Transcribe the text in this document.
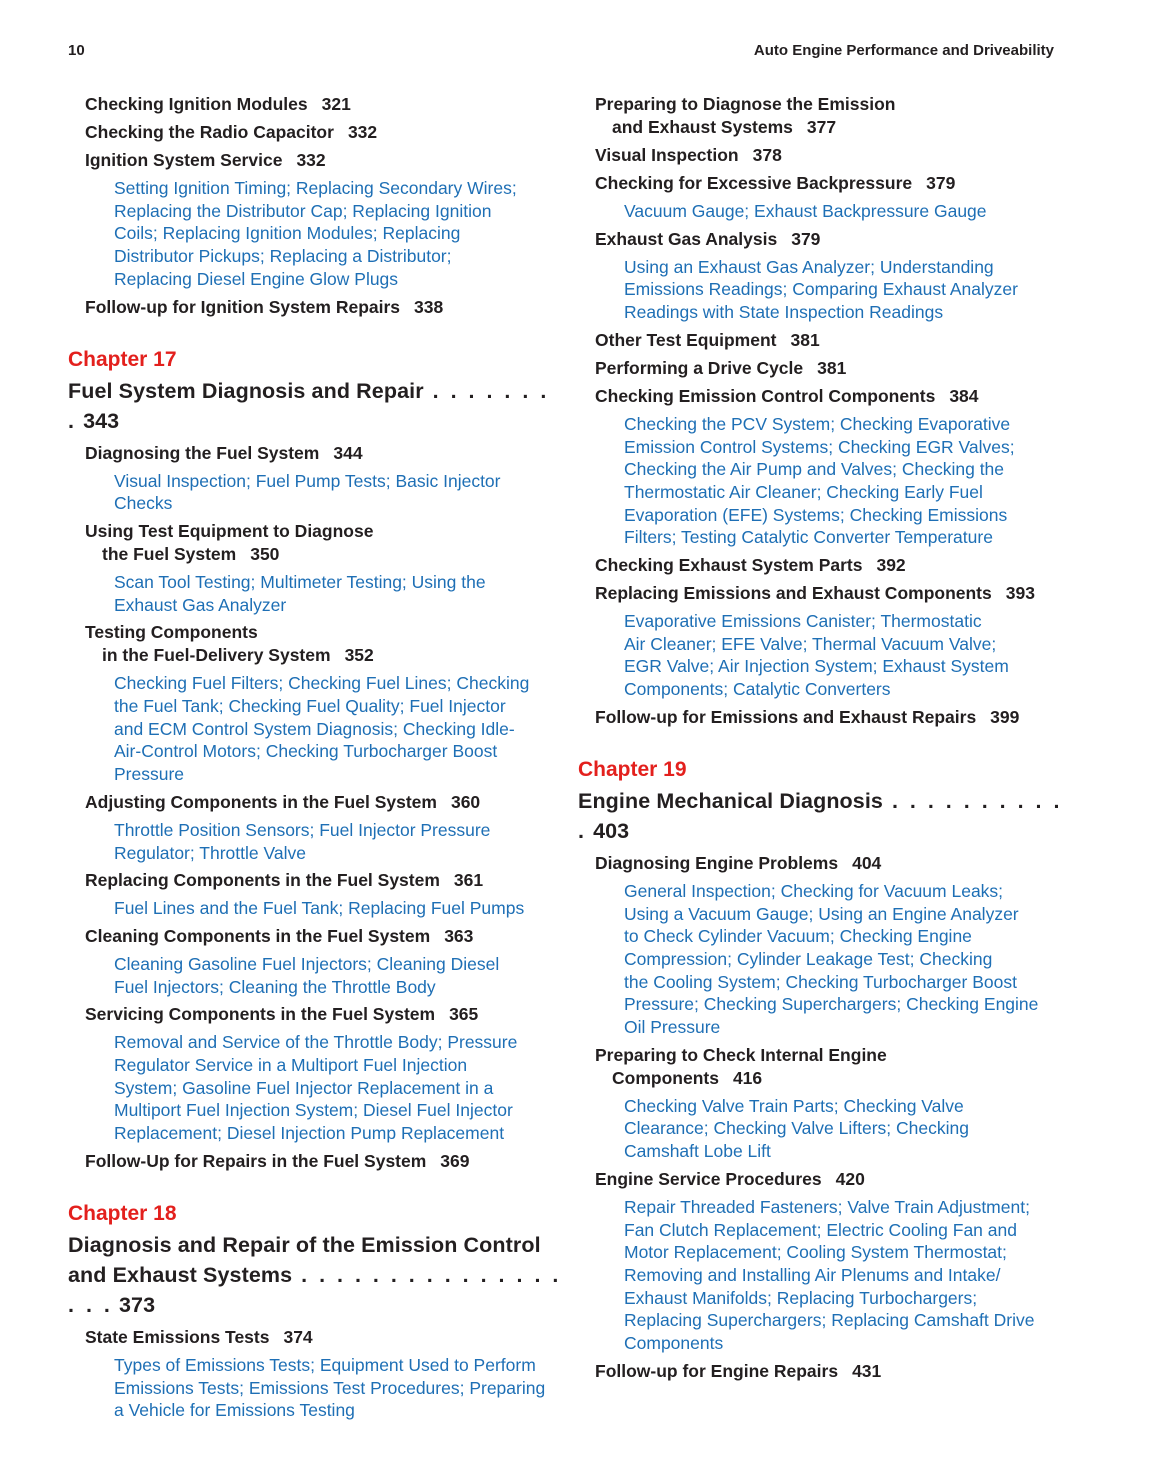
10	Auto Engine Performance and Driveability
Checking Ignition Modules 321
Checking the Radio Capacitor 332
Ignition System Service 332
Setting Ignition Timing; Replacing Secondary Wires;
Replacing the Distributor Cap; Replacing Ignition
Coils; Replacing Ignition Modules; Replacing
Distributor Pickups; Replacing a Distributor;
Replacing Diesel Engine Glow Plugs
Follow-up for Ignition System Repairs 338
Chapter 17
Fuel System Diagnosis and Repair . . . . . . . . 343
Diagnosing the Fuel System 344
Visual Inspection; Fuel Pump Tests; Basic Injector
Checks
Using Test Equipment to Diagnose
the Fuel System 350
Scan Tool Testing; Multimeter Testing; Using the
Exhaust Gas Analyzer
Testing Components
in the Fuel-Delivery System 352
Checking Fuel Filters; Checking Fuel Lines; Checking
the Fuel Tank; Checking Fuel Quality; Fuel Injector
and ECM Control System Diagnosis; Checking Idle-
Air-Control Motors; Checking Turbocharger Boost
Pressure
Adjusting Components in the Fuel System 360
Throttle Position Sensors; Fuel Injector Pressure
Regulator; Throttle Valve
Replacing Components in the Fuel System 361
Fuel Lines and the Fuel Tank; Replacing Fuel Pumps
Cleaning Components in the Fuel System 363
Cleaning Gasoline Fuel Injectors; Cleaning Diesel
Fuel Injectors; Cleaning the Throttle Body
Servicing Components in the Fuel System 365
Removal and Service of the Throttle Body; Pressure
Regulator Service in a Multiport Fuel Injection
System; Gasoline Fuel Injector Replacement in a
Multiport Fuel Injection System; Diesel Fuel Injector
Replacement; Diesel Injection Pump Replacement
Follow-Up for Repairs in the Fuel System 369
Chapter 18
Diagnosis and Repair of the Emission Control
and Exhaust Systems . . . . . . . . . . . . . . . . . . 373
State Emissions Tests 374
Types of Emissions Tests; Equipment Used to Perform
Emissions Tests; Emissions Test Procedures; Preparing
a Vehicle for Emissions Testing
Preparing to Diagnose the Emission
and Exhaust Systems 377
Visual Inspection 378
Checking for Excessive Backpressure 379
Vacuum Gauge; Exhaust Backpressure Gauge
Exhaust Gas Analysis 379
Using an Exhaust Gas Analyzer; Understanding
Emissions Readings; Comparing Exhaust Analyzer
Readings with State Inspection Readings
Other Test Equipment 381
Performing a Drive Cycle 381
Checking Emission Control Components 384
Checking the PCV System; Checking Evaporative
Emission Control Systems; Checking EGR Valves;
Checking the Air Pump and Valves; Checking the
Thermostatic Air Cleaner; Checking Early Fuel
Evaporation (EFE) Systems; Checking Emissions
Filters; Testing Catalytic Converter Temperature
Checking Exhaust System Parts 392
Replacing Emissions and Exhaust Components 393
Evaporative Emissions Canister; Thermostatic
Air Cleaner; EFE Valve; Thermal Vacuum Valve;
EGR Valve; Air Injection System; Exhaust System
Components; Catalytic Converters
Follow-up for Emissions and Exhaust Repairs 399
Chapter 19
Engine Mechanical Diagnosis . . . . . . . . . . . 403
Diagnosing Engine Problems 404
General Inspection; Checking for Vacuum Leaks;
Using a Vacuum Gauge; Using an Engine Analyzer
to Check Cylinder Vacuum; Checking Engine
Compression; Cylinder Leakage Test; Checking
the Cooling System; Checking Turbocharger Boost
Pressure; Checking Superchargers; Checking Engine
Oil Pressure
Preparing to Check Internal Engine
Components 416
Checking Valve Train Parts; Checking Valve
Clearance; Checking Valve Lifters; Checking
Camshaft Lobe Lift
Engine Service Procedures 420
Repair Threaded Fasteners; Valve Train Adjustment;
Fan Clutch Replacement; Electric Cooling Fan and
Motor Replacement; Cooling System Thermostat;
Removing and Installing Air Plenums and Intake/
Exhaust Manifolds; Replacing Turbochargers;
Replacing Superchargers; Replacing Camshaft Drive
Components
Follow-up for Engine Repairs 431
